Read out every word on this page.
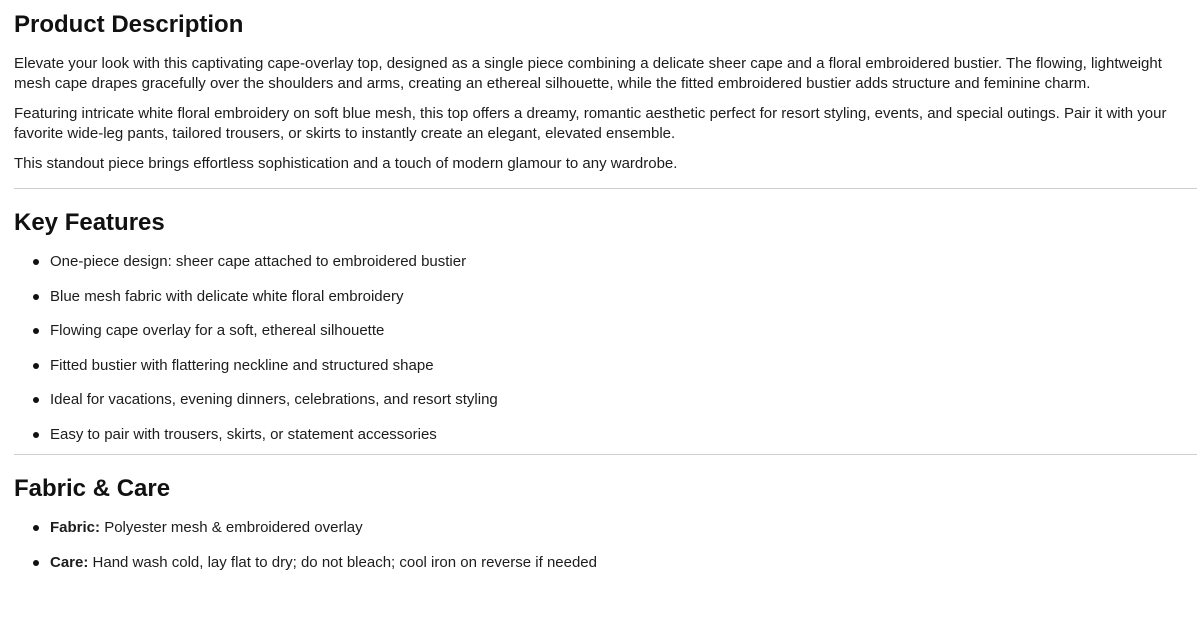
Product Description

Elevate your look with this captivating cape-overlay top, designed as a single piece combining a delicate sheer cape and a floral embroidered bustier. The flowing, lightweight mesh cape drapes gracefully over the shoulders and arms, creating an ethereal silhouette, while the fitted embroidered bustier adds structure and feminine charm.

Featuring intricate white floral embroidery on soft blue mesh, this top offers a dreamy, romantic aesthetic perfect for resort styling, events, and special outings. Pair it with your favorite wide-leg pants, tailored trousers, or skirts to instantly create an elegant, elevated ensemble.

This standout piece brings effortless sophistication and a touch of modern glamour to any wardrobe.

Key Features
One-piece design: sheer cape attached to embroidered bustier
Blue mesh fabric with delicate white floral embroidery
Flowing cape overlay for a soft, ethereal silhouette
Fitted bustier with flattering neckline and structured shape
Ideal for vacations, evening dinners, celebrations, and resort styling
Easy to pair with trousers, skirts, or statement accessories
Fabric & Care
Fabric: Polyester mesh & embroidered overlay
Care: Hand wash cold, lay flat to dry; do not bleach; cool iron on reverse if needed
